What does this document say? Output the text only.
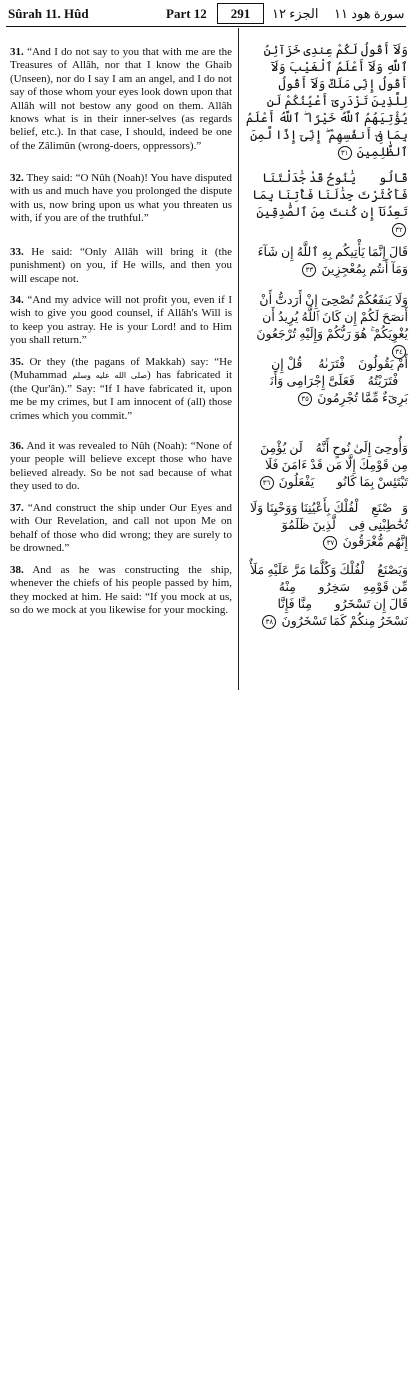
Sûrah 11. Hûd	Part 12	291	الجزء ١٢ سورة هود ١١
31. “And I do not say to you that with me are the Treasures of Allâh, nor that I know the Ghaib (Unseen), nor do I say I am an angel, and I do not say of those whom your eyes look down upon that Allâh will not bestow any good on them. Allâh knows what is in their inner-selves (as regards belief, etc.). In that case, I should, indeed be one of the Zâlimûn (wrong-doers, oppressors).”
وَلَآ أَقُولُ لَكُمْ عِندِى خَزَآئِنُ ٱللَّهِ وَلَآ أَعْلَمُ ٱلْغَيْبَ وَلَآ أَقُولُ إِنِّى مَلَكٌ وَلَآ أَقُولُ لِلَّذِينَ تَزْدَرِىٓ أَعْيُنُكُمْ لَن يُؤْتِيَهُمُ ٱللَّهُ خَيْرًا ۖ ٱللَّهُ أَعْلَمُ بِمَا فِىٓ أَنفُسِهِمْ ۖ إِنِّىٓ إِذًا لَّمِنَ ٱلظَّٰلِمِينَ ٣١
32. They said: “O Nûh (Noah)! You have disputed with us and much have you prolonged the dispute with us, now bring upon us what you threaten us with, if you are of the truthful.”
قَالُوا۟ يَٰنُوحُ قَدْ جَٰدَلْتَنَا فَأَكْثَرْتَ جِدَٰلَنَا فَأْتِنَا بِمَا تَعِدُنَآ إِن كُنتَ مِنَ ٱلصَّٰدِقِينَ ٣٢
33. He said: “Only Allâh will bring it (the punishment) on you, if He wills, and then you will escape not.
قَالَ إِنَّمَا يَأْتِيكُم بِهِ ٱللَّهُ إِن شَآءَ وَمَآ أَنتُم بِمُعْجِزِينَ ٣٣
34. “And my advice will not profit you, even if I wish to give you good counsel, if Allâh's Will is to keep you astray. He is your Lord! and to Him you shall return.”
وَلَا يَنفَعُكُمْ نُصْحِىٓ إِنْ أَرَدتُّ أَنْ أَنصَحَ لَكُمْ إِن كَانَ ٱللَّهُ يُرِيدُ أَن يُغْوِيَكُمْ ۚ هُوَ رَبُّكُمْ وَإِلَيْهِ تُرْجَعُونَ ٣٤
35. Or they (the pagans of Makkah) say: “He (Muhammad صلى الله عليه وسلم) has fabricated it (the Qur'ân).” Say: “If I have fabricated it, upon me be my crimes, but I am innocent of (all) those crimes which you commit.”
أَمْ يَقُولُونَ ٱفْتَرَىٰهُ ۖ قُلْ إِنِ ٱفْتَرَيْتُهُۥ فَعَلَىَّ إِجْرَامِى وَأَنَا۠ بَرِىٓءٌ مِّمَّا تُجْرِمُونَ ٣٥
36. And it was revealed to Nûh (Noah): “None of your people will believe except those who have believed already. So be not sad because of what they used to do.
وَأُوحِىَ إِلَىٰ نُوحٍ أَنَّهُۥ لَن يُؤْمِنَ مِن قَوْمِكَ إِلَّا مَن قَدْ ءَامَنَ فَلَا تَبْتَئِسْ بِمَا كَانُوا۟ يَفْعَلُونَ ٣٦
37. “And construct the ship under Our Eyes and with Our Revelation, and call not upon Me on behalf of those who did wrong; they are surely to be drowned.”
وَٱصْنَعِ ٱلْفُلْكَ بِأَعْيُنِنَا وَوَحْيِنَا وَلَا تُخَٰطِبْنِى فِى ٱلَّذِينَ ظَلَمُوٓا۟ ۚ إِنَّهُم مُّغْرَقُونَ ٣٧
38. And as he was constructing the ship, whenever the chiefs of his people passed by him, they mocked at him. He said: “If you mock at us, so do we mock at you likewise for your mocking.
وَيَصْنَعُ ٱلْفُلْكَ وَكُلَّمَا مَرَّ عَلَيْهِ مَلَأٌ مِّن قَوْمِهِۦ سَخِرُوا۟ مِنْهُ ۚ قَالَ إِن تَسْخَرُوا۟ مِنَّا فَإِنَّا نَسْخَرُ مِنكُمْ كَمَا تَسْخَرُونَ ٣٨
